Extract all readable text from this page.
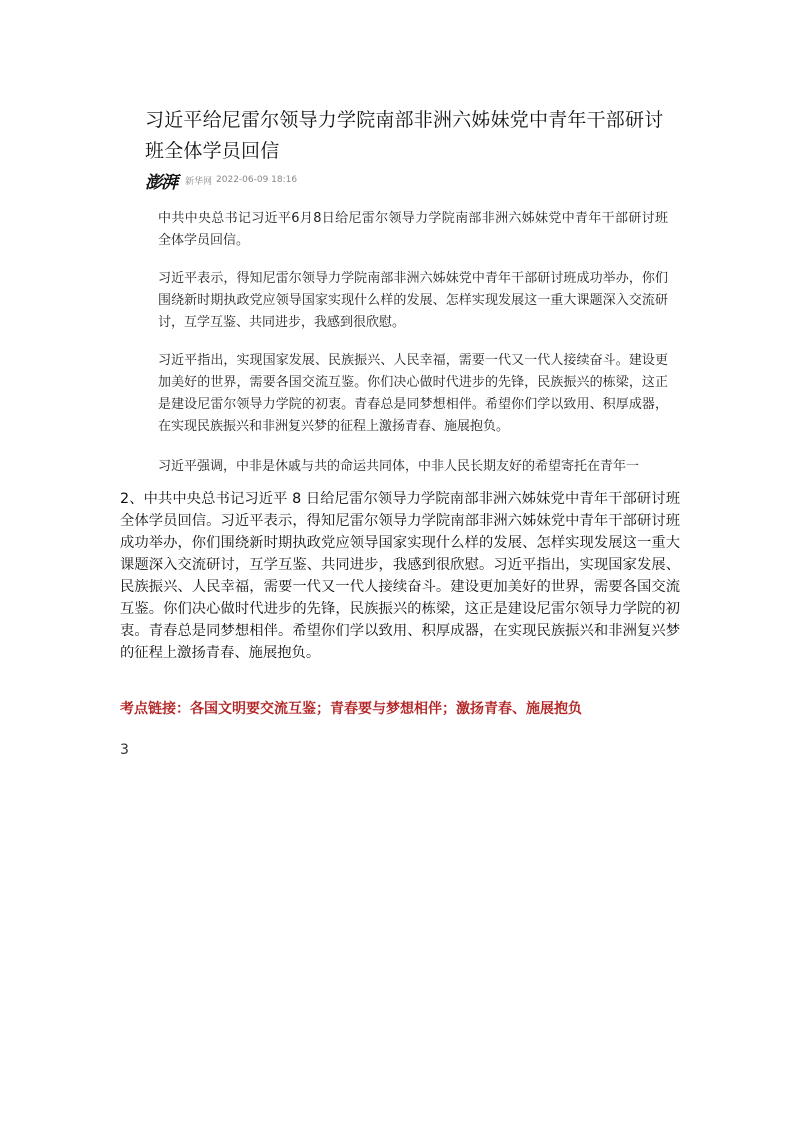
习近平给尼雷尔领导力学院南部非洲六姊妹党中青年干部研讨班全体学员回信
澎湃 新华网 2022-06-09 18:16

中共中央总书记习近平6月8日给尼雷尔领导力学院南部非洲六姊妹党中青年干部研讨班全体学员回信。

习近平表示，得知尼雷尔领导力学院南部非洲六姊妹党中青年干部研讨班成功举办，你们围绕新时期执政党应领导国家实现什么样的发展、怎样实现发展这一重大课题深入交流研讨，互学互鉴、共同进步，我感到很欣慰。

习近平指出，实现国家发展、民族振兴、人民幸福，需要一代又一代人接续奋斗。建设更加美好的世界，需要各国交流互鉴。你们决心做时代进步的先锋，民族振兴的栋梁，这正是建设尼雷尔领导力学院的初衷。青春总是同梦想相伴。希望你们学以致用、积厚成器，在实现民族振兴和非洲复兴梦的征程上激扬青春、施展抱负。

习近平强调，中非是休戚与共的命运共同体，中非人民长期友好的希望寄托在青年一

2、中共中央总书记习近平 8 日给尼雷尔领导力学院南部非洲六姊妹党中青年干部研讨班全体学员回信。习近平表示，得知尼雷尔领导力学院南部非洲六姊妹党中青年干部研讨班成功举办，你们围绕新时期执政党应领导国家实现什么样的发展、怎样实现发展这一重大课题深入交流研讨，互学互鉴、共同进步，我感到很欣慰。习近平指出，实现国家发展、民族振兴、人民幸福，需要一代又一代人接续奋斗。建设更加美好的世界，需要各国交流互鉴。你们决心做时代进步的先锋，民族振兴的栋梁，这正是建设尼雷尔领导力学院的初衷。青春总是同梦想相伴。希望你们学以致用、积厚成器，在实现民族振兴和非洲复兴梦的征程上激扬青春、施展抱负。

考点链接：各国文明要交流互鉴；青春要与梦想相伴；激扬青春、施展抱负

3
